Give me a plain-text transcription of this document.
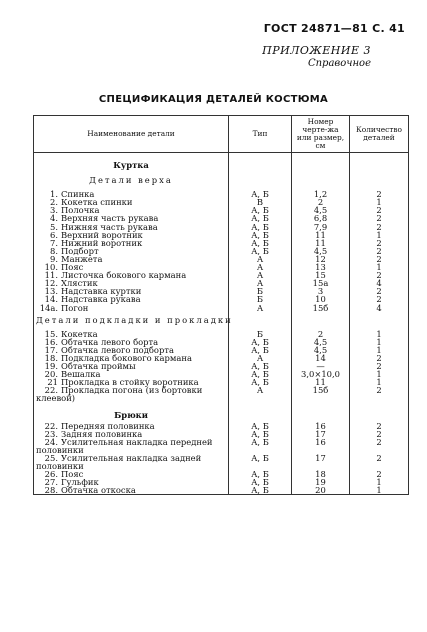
ГОСТ 24871—81 С. 41
ПРИЛОЖЕНИЕ 3
Справочное
СПЕЦИФИКАЦИЯ ДЕТАЛЕЙ КОСТЮМА
Наименование детали	Тип	Номер черте-жа или размер, см	Количество деталей

Куртка			

Детали верха			

1. Спинка	А, Б	1,2	2
2. Кокетка спинки	В	2	1
3. Полочка	А, Б	4,5	2
4. Верхняя часть рукава	А, Б	6,8	2
5. Нижняя часть рукава	А, Б	7,9	2
6. Верхний воротник	А, Б	11	1
7. Нижний воротник	А, Б	11	2
8. Подборт	А, Б	4,5	2
9. Манжета	А	12	2
10. Пояс	А	13	1
11. Листочка бокового кармана	А	15	2
12. Хлястик	А	15а	4
13. Надставка куртки	Б	3	2
14. Надставка рукава	Б	10	2
14а. Погон	А	15б	4

Детали подкладки и прокладки			

15. Кокетка	Б	2	1
16. Обтачка левого борта	А, Б	4,5	1
17. Обтачка левого подборта	А, Б	4,5	1
18. Подкладка бокового кармана	А	14	2
19. Обтачка проймы	А, Б	—	2
20. Вешалка	А, Б	3,0×10,0	1
21 Прокладка в стойку воротника	А, Б	11	1
22. Прокладка погона (из бортовки клеевой)	А	15б	2

Брюки			

22. Передняя половинка	А, Б	16	2
23. Задняя половинка	А, Б	17	2
24. Усилительная накладка передней половинки	А, Б	16	2
25. Усилительная накладка задней половинки	А, Б	17	2
26. Пояс	А, Б	18	2
27. Гульфик	А, Б	19	1
28. Обтачка откоска	А, Б	20	1
